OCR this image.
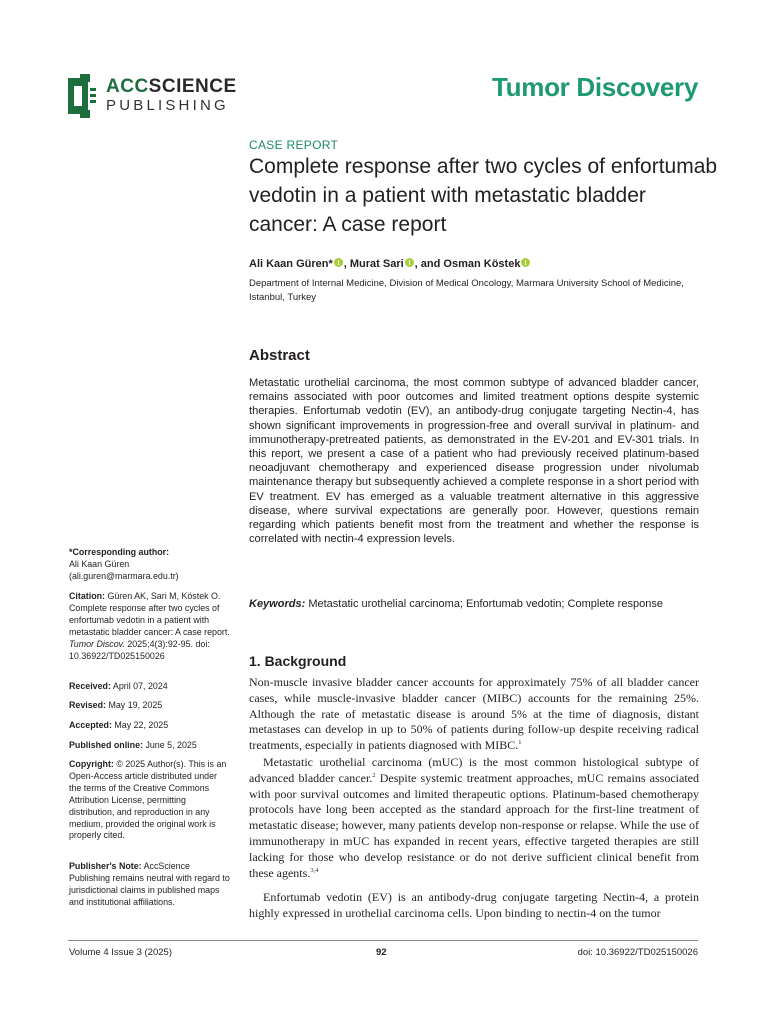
ACCSCIENCE
PUBLISHING
Tumor Discovery
CASE REPORT
Complete response after two cycles of enfortumab vedotin in a patient with metastatic bladder cancer: A case report
Ali Kaan Güren* , Murat Sari , and Osman Köstek
Department of Internal Medicine, Division of Medical Oncology, Marmara University School of Medicine, Istanbul, Turkey
Abstract
Metastatic urothelial carcinoma, the most common subtype of advanced bladder cancer, remains associated with poor outcomes and limited treatment options despite systemic therapies. Enfortumab vedotin (EV), an antibody-drug conjugate targeting Nectin-4, has shown significant improvements in progression-free and overall survival in platinum- and immunotherapy-pretreated patients, as demonstrated in the EV-201 and EV-301 trials. In this report, we present a case of a patient who had previously received platinum-based neoadjuvant chemotherapy and experienced disease progression under nivolumab maintenance therapy but subsequently achieved a complete response in a short period with EV treatment. EV has emerged as a valuable treatment alternative in this aggressive disease, where survival expectations are generally poor. However, questions remain regarding which patients benefit most from the treatment and whether the response is correlated with nectin-4 expression levels.
Keywords: Metastatic urothelial carcinoma; Enfortumab vedotin; Complete response
*Corresponding author:
Ali Kaan Güren
(ali.guren@marmara.edu.tr)
Citation: Güren AK, Sari M, Köstek O. Complete response after two cycles of enfortumab vedotin in a patient with metastatic bladder cancer: A case report. Tumor Discov. 2025;4(3):92-95. doi: 10.36922/TD025150026
Received: April 07, 2024
Revised: May 19, 2025
Accepted: May 22, 2025
Published online: June 5, 2025
Copyright: © 2025 Author(s). This is an Open-Access article distributed under the terms of the Creative Commons Attribution License, permitting distribution, and reproduction in any medium, provided the original work is properly cited.
Publisher's Note: AccScience Publishing remains neutral with regard to jurisdictional claims in published maps and institutional affiliations.
1. Background

Non-muscle invasive bladder cancer accounts for approximately 75% of all bladder cancer cases, while muscle-invasive bladder cancer (MIBC) accounts for the remaining 25%. Although the rate of metastatic disease is around 5% at the time of diagnosis, distant metastases can develop in up to 50% of patients during follow-up despite receiving radical treatments, especially in patients diagnosed with MIBC.$^1$

Metastatic urothelial carcinoma (mUC) is the most common histological subtype of advanced bladder cancer.$^2$ Despite systemic treatment approaches, mUC remains associated with poor survival outcomes and limited therapeutic options. Platinum-based chemotherapy protocols have long been accepted as the standard approach for the first-line treatment of metastatic disease; however, many patients develop non-response or relapse. While the use of immunotherapy in mUC has expanded in recent years, effective targeted therapies are still lacking for those who develop resistance or do not derive sufficient clinical benefit from these agents.$^{3,4}$

Enfortumab vedotin (EV) is an antibody-drug conjugate targeting Nectin-4, a protein highly expressed in urothelial carcinoma cells. Upon binding to nectin-4 on the tumor

Volume 4 Issue 3 (2025)	92	doi: 10.36922/TD025150026
